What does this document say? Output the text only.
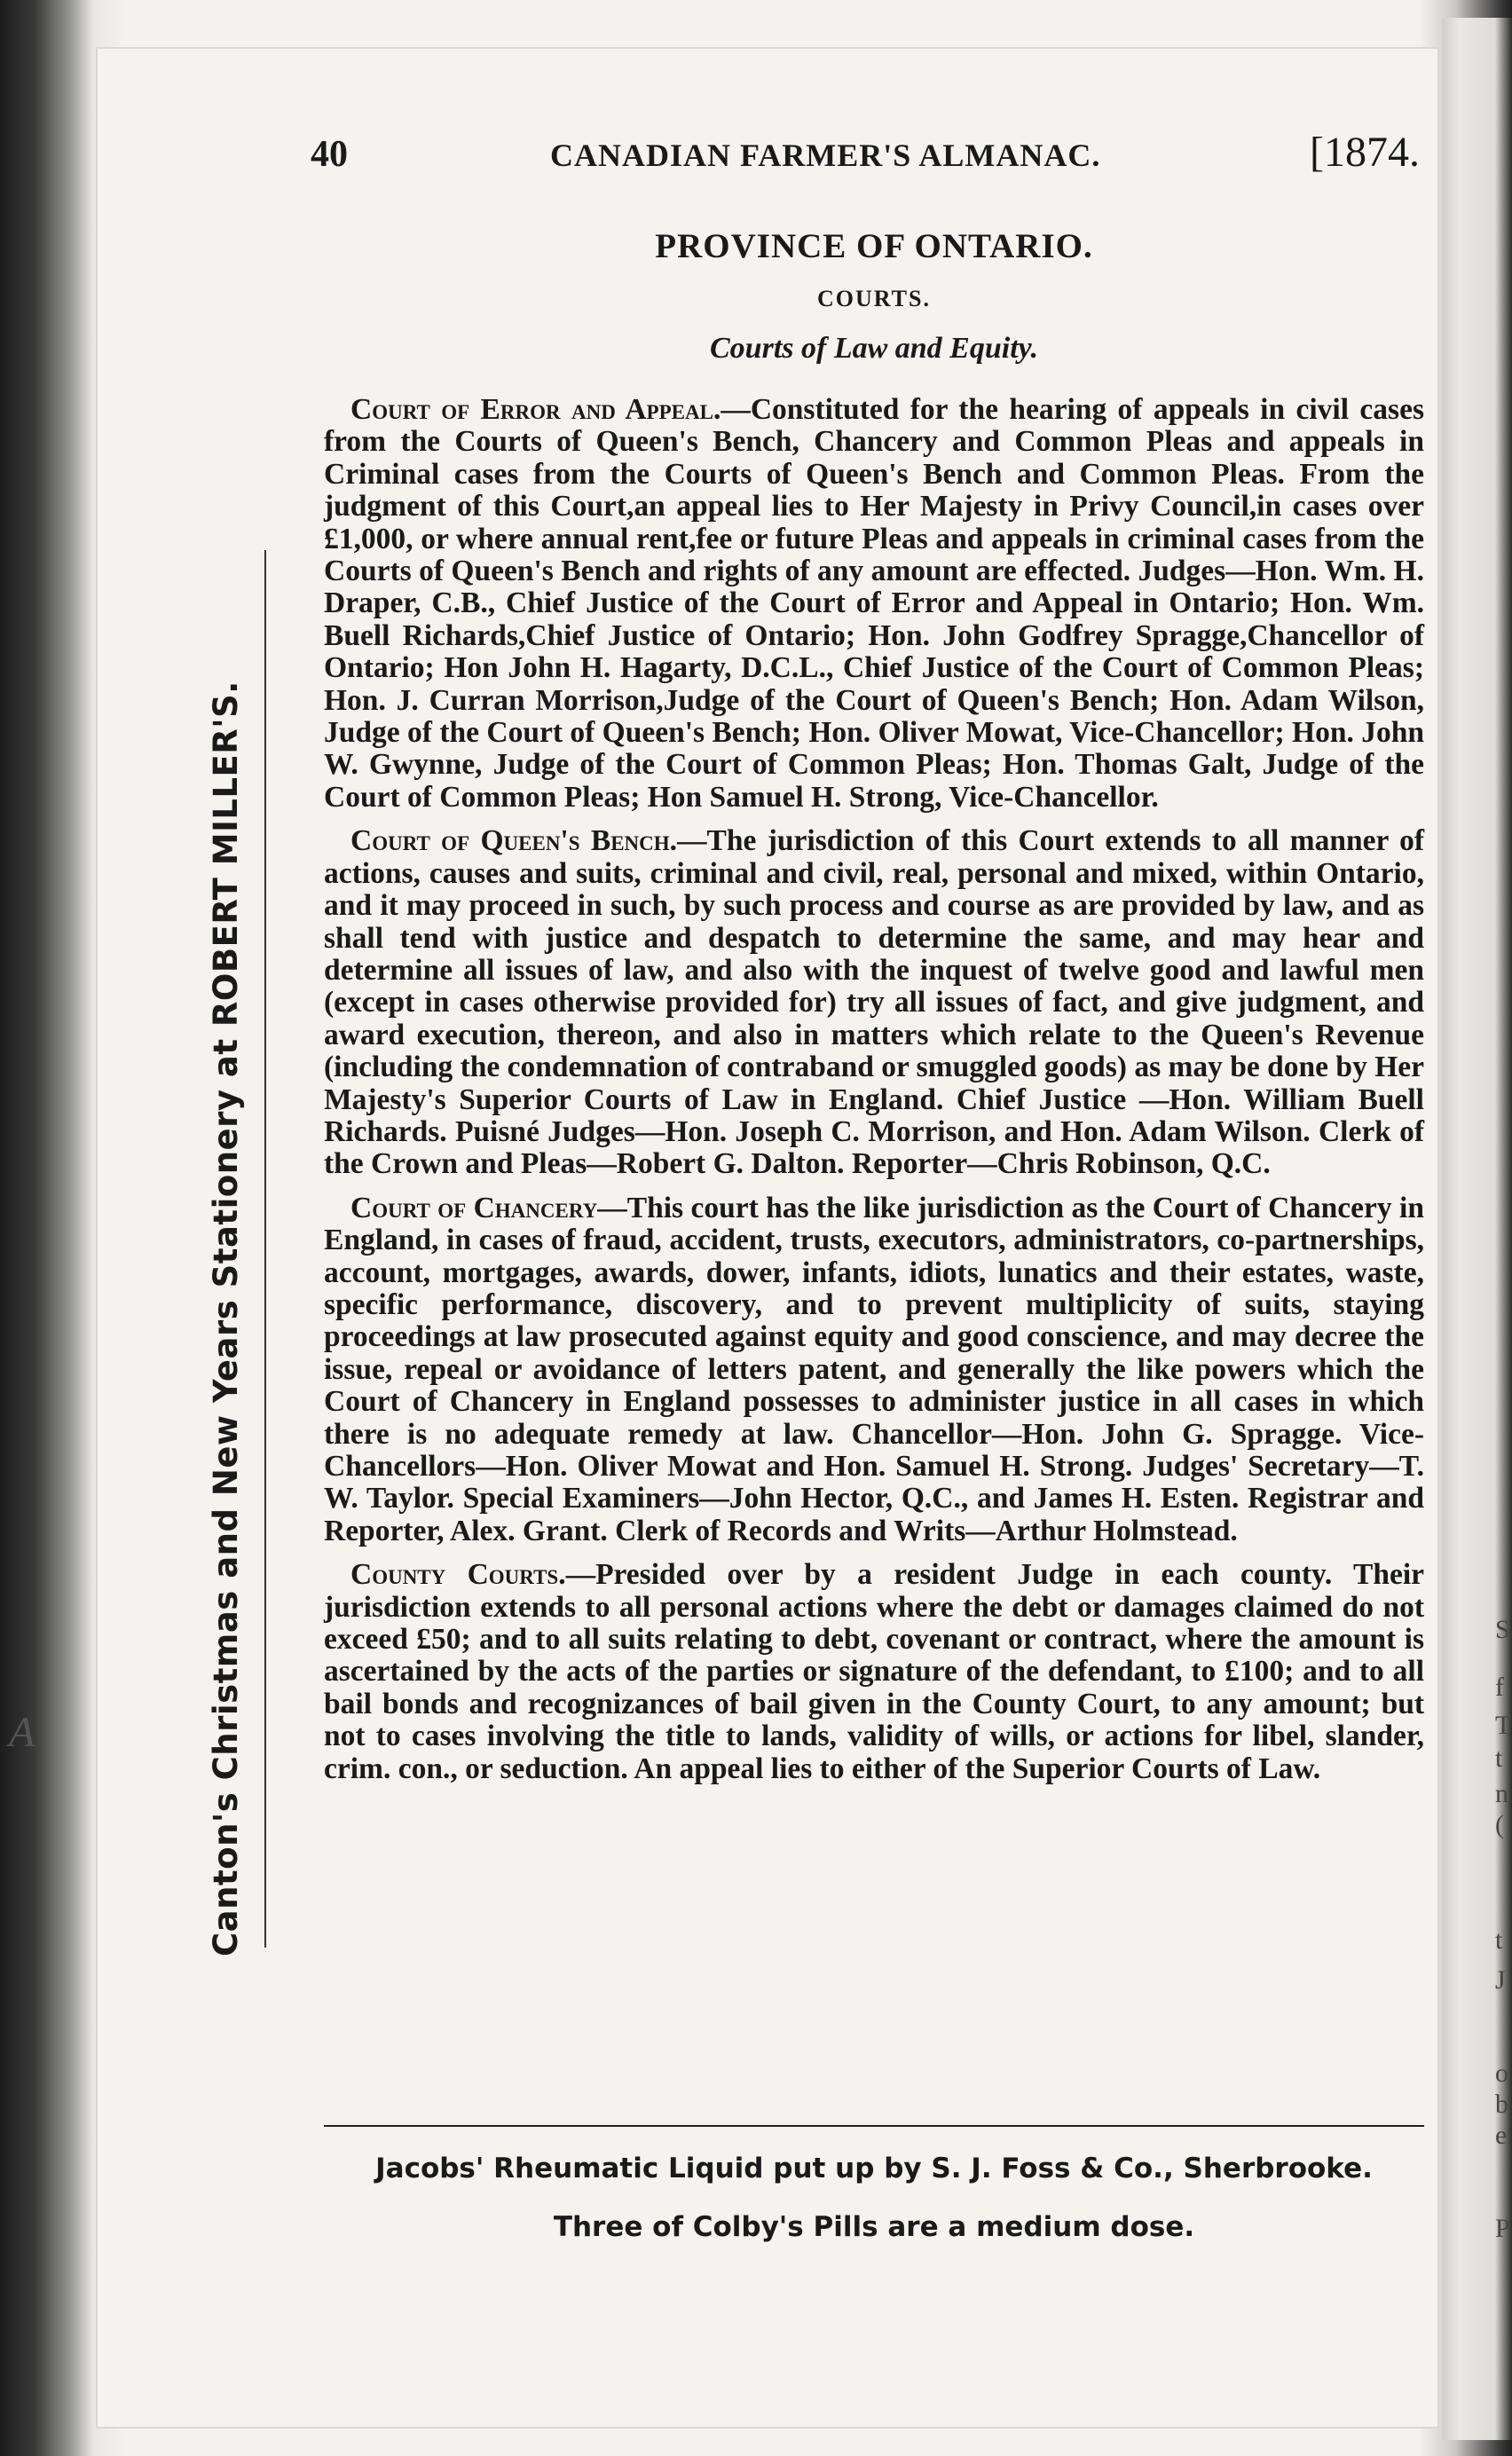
S
f
T
t
n
(
t
J
o
b
e
P
A
40	CANADIAN FARMER'S ALMANAC.	[1874.
Canton's Christmas and New Years Stationery at ROBERT MILLER'S.
PROVINCE OF ONTARIO.
COURTS.
Courts of Law and Equity.

Court of Error and Appeal.—Constituted for the hearing of appeals in civil cases from the Courts of Queen's Bench, Chancery and Common Pleas and appeals in Criminal cases from the Courts of Queen's Bench and Common Pleas. From the judgment of this Court,an appeal lies to Her Majesty in Privy Council,in cases over £1,000, or where annual rent,fee or future Pleas and appeals in criminal cases from the Courts of Queen's Bench and rights of any amount are effected. Judges—Hon. Wm. H. Draper, C.B., Chief Justice of the Court of Error and Appeal in Ontario; Hon. Wm. Buell Richards,Chief Justice of Ontario; Hon. John Godfrey Spragge,Chancellor of Ontario; Hon John H. Hagarty, D.C.L., Chief Justice of the Court of Common Pleas; Hon. J. Curran Morrison,Judge of the Court of Queen's Bench; Hon. Adam Wilson, Judge of the Court of Queen's Bench; Hon. Oliver Mowat, Vice-Chancellor; Hon. John W. Gwynne, Judge of the Court of Common Pleas; Hon. Thomas Galt, Judge of the Court of Common Pleas; Hon Samuel H. Strong, Vice-Chancellor.

Court of Queen's Bench.—The jurisdiction of this Court extends to all manner of actions, causes and suits, criminal and civil, real, personal and mixed, within Ontario, and it may proceed in such, by such process and course as are provided by law, and as shall tend with justice and despatch to determine the same, and may hear and determine all issues of law, and also with the inquest of twelve good and lawful men (except in cases otherwise provided for) try all issues of fact, and give judgment, and award execution, thereon, and also in matters which relate to the Queen's Revenue (including the condemnation of contraband or smuggled goods) as may be done by Her Majesty's Superior Courts of Law in England. Chief Justice —Hon. William Buell Richards. Puisné Judges—Hon. Joseph C. Morrison, and Hon. Adam Wilson. Clerk of the Crown and Pleas—Robert G. Dalton. Reporter—Chris Robinson, Q.C.

Court of Chancery—This court has the like jurisdiction as the Court of Chancery in England, in cases of fraud, accident, trusts, executors, administrators, co-partnerships, account, mortgages, awards, dower, infants, idiots, lunatics and their estates, waste, specific performance, discovery, and to prevent multiplicity of suits, staying proceedings at law prosecuted against equity and good conscience, and may decree the issue, repeal or avoidance of letters patent, and generally the like powers which the Court of Chancery in England possesses to administer justice in all cases in which there is no adequate remedy at law. Chancellor—Hon. John G. Spragge. Vice-Chancellors—Hon. Oliver Mowat and Hon. Samuel H. Strong. Judges' Secretary—T. W. Taylor. Special Examiners—John Hector, Q.C., and James H. Esten. Registrar and Reporter, Alex. Grant. Clerk of Records and Writs—Arthur Holmstead.

County Courts.—Presided over by a resident Judge in each county. Their jurisdiction extends to all personal actions where the debt or damages claimed do not exceed £50; and to all suits relating to debt, covenant or contract, where the amount is ascertained by the acts of the parties or signature of the defendant, to £100; and to all bail bonds and recognizances of bail given in the County Court, to any amount; but not to cases involving the title to lands, validity of wills, or actions for libel, slander, crim. con., or seduction. An appeal lies to either of the Superior Courts of Law.

Jacobs' Rheumatic Liquid put up by S. J. Foss & Co., Sherbrooke.
Three of Colby's Pills are a medium dose.
